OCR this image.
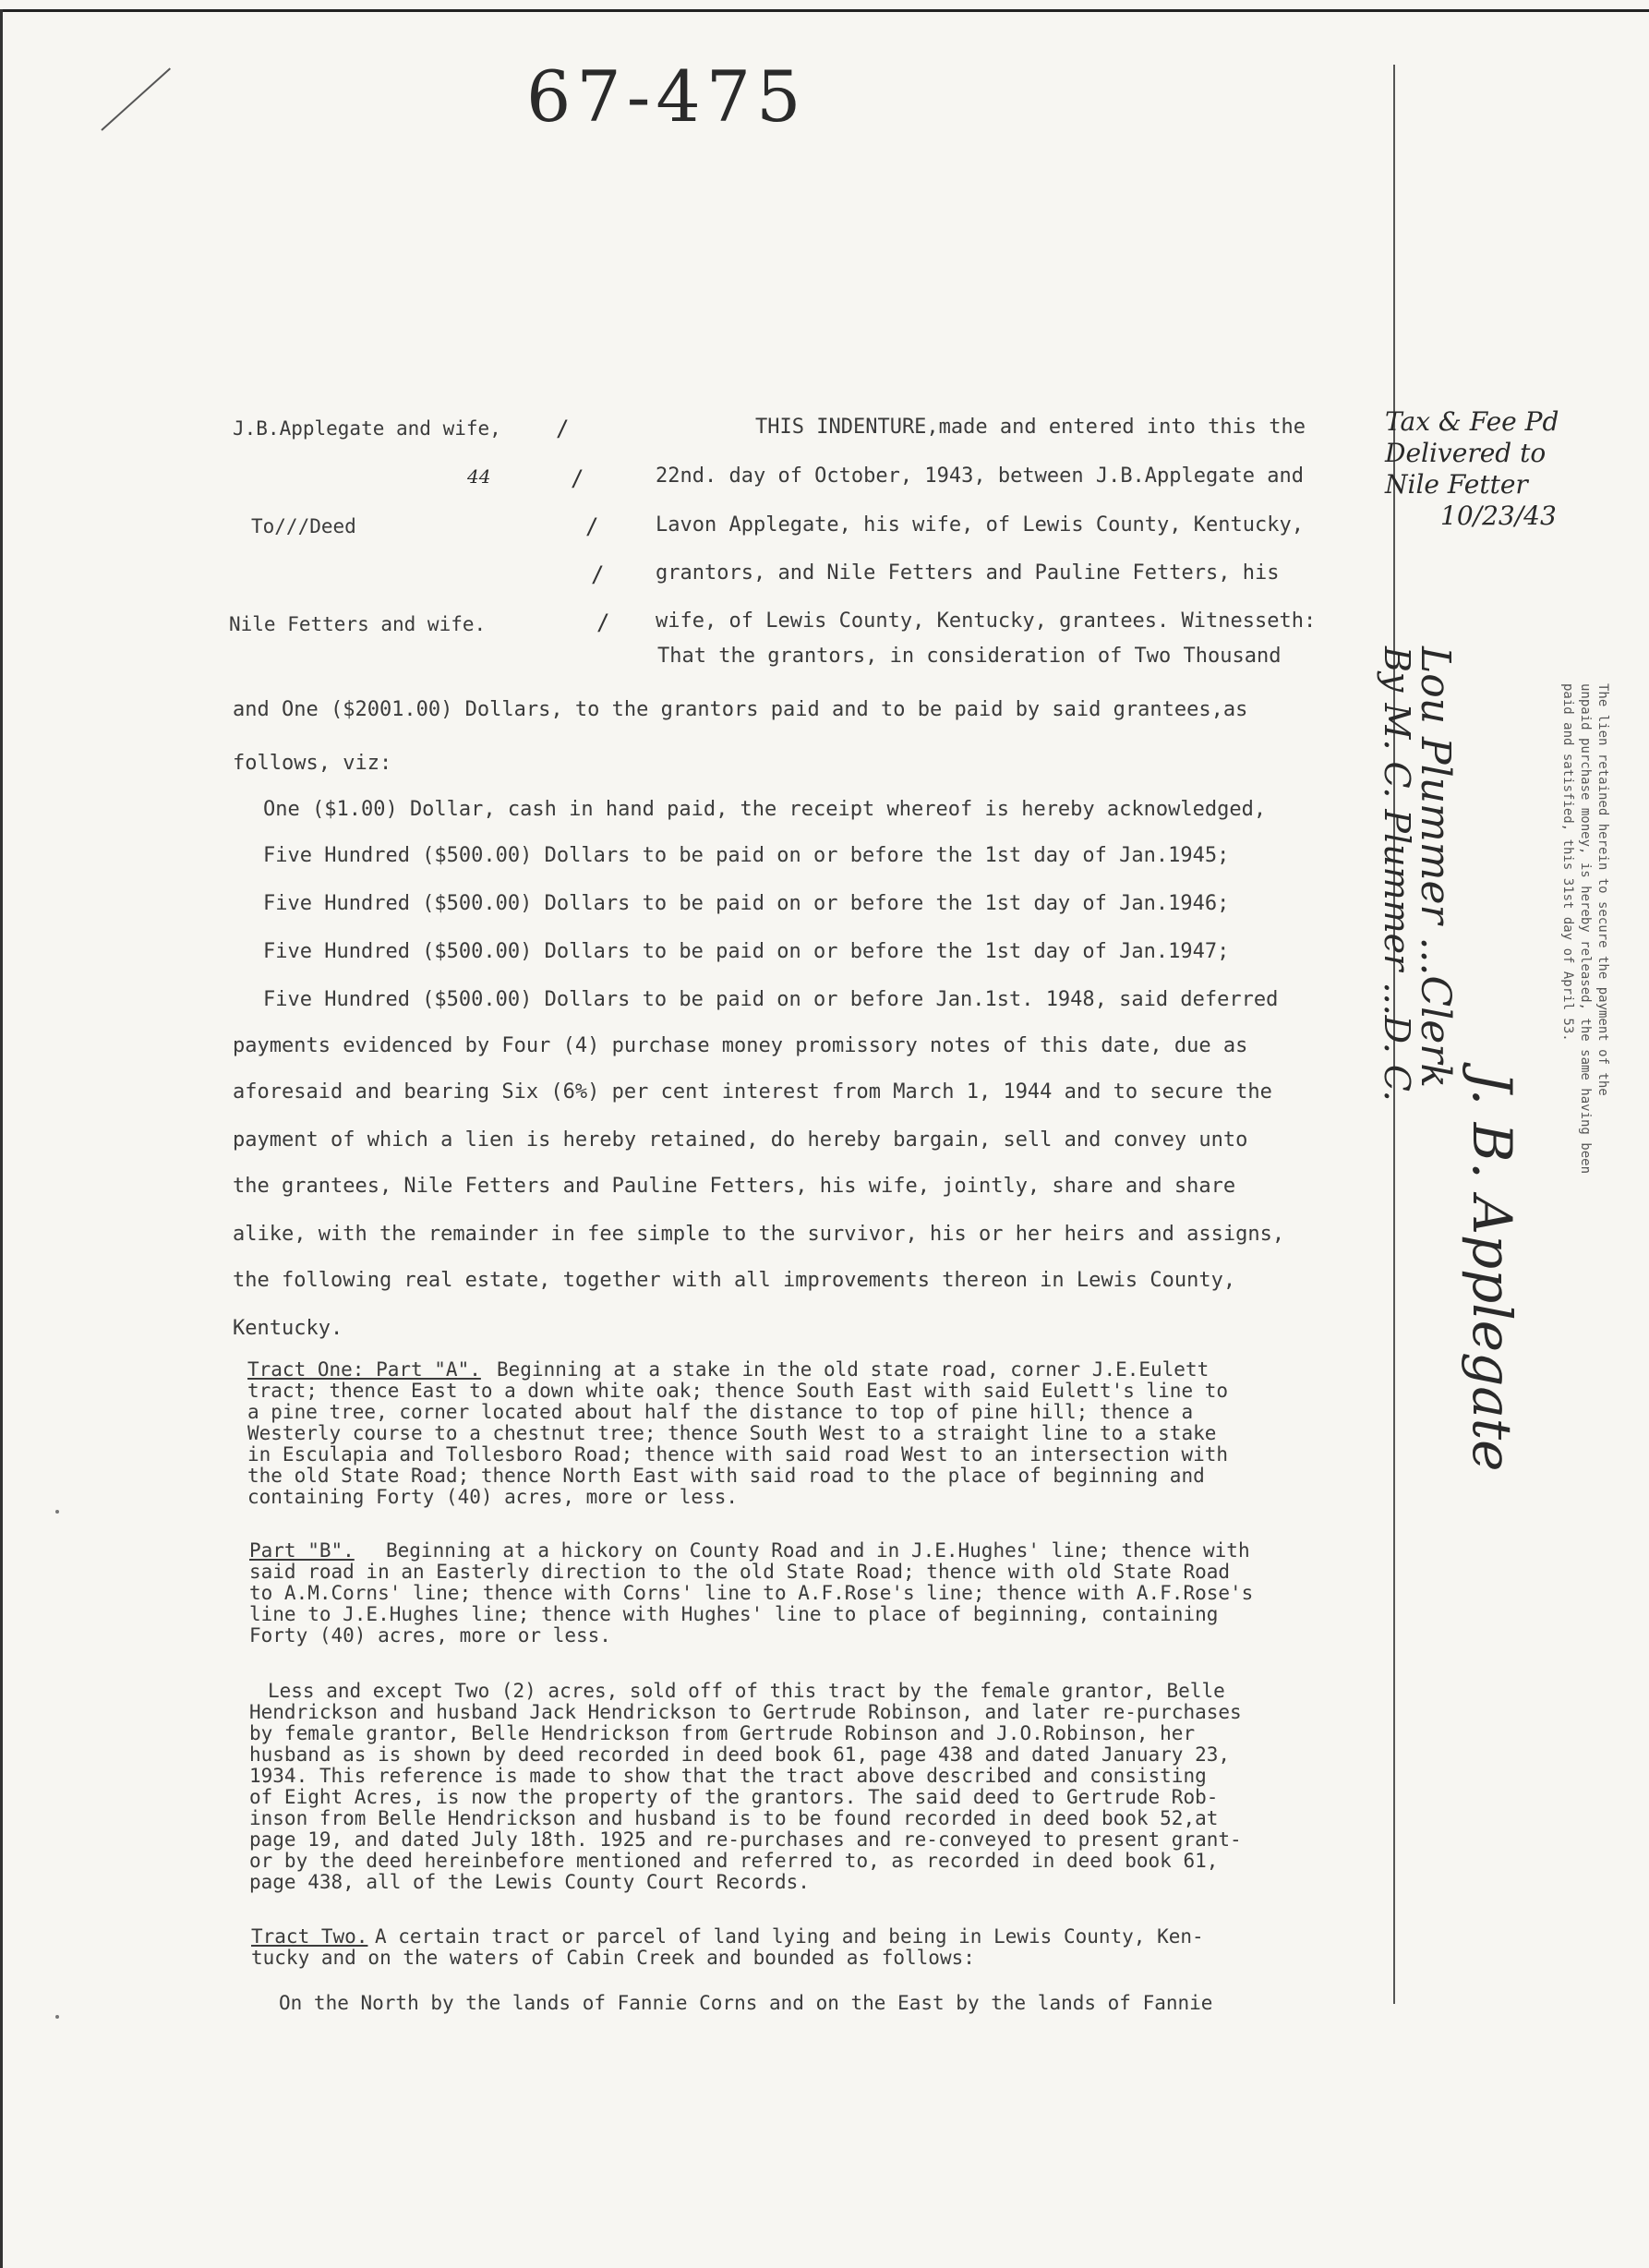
67-475
J.B.Applegate and wife,
44
To///Deed
Nile Fetters and wife.
/
/
/
/
/
THIS INDENTURE,made and entered into this the
22nd. day of October, 1943, between J.B.Applegate and
Lavon Applegate, his wife, of Lewis County, Kentucky,
grantors, and Nile Fetters and Pauline Fetters, his
wife, of Lewis County, Kentucky, grantees. Witnesseth:
That the grantors, in consideration of Two Thousand
and One ($2001.00) Dollars, to the grantors paid and to be paid by said grantees,as
follows, viz:
One ($1.00) Dollar, cash in hand paid, the receipt whereof is hereby acknowledged,
Five Hundred ($500.00) Dollars to be paid on or before the 1st day of Jan.1945;
Five Hundred ($500.00) Dollars to be paid on or before the 1st day of Jan.1946;
Five Hundred ($500.00) Dollars to be paid on or before the 1st day of Jan.1947;
Five Hundred ($500.00) Dollars to be paid on or before Jan.1st. 1948, said deferred
payments evidenced by Four (4) purchase money promissory notes of this date, due as
aforesaid and bearing Six (6%) per cent interest from March 1, 1944 and to secure the
payment of which a lien is hereby retained, do hereby bargain, sell and convey unto
the grantees, Nile Fetters and Pauline Fetters, his wife, jointly, share and share
alike, with the remainder in fee simple to the survivor, his or her heirs and assigns,
the following real estate, together with all improvements thereon in Lewis County,
Kentucky.
Tract One: Part "A". Beginning at a stake in the old state road, corner J.E.Eulett
tract; thence East to a down white oak; thence South East with said Eulett's line to
a pine tree, corner located about half the distance to top of pine hill; thence a
Westerly course to a chestnut tree; thence South West to a straight line to a stake
in Esculapia and Tollesboro Road; thence with said road West to an intersection with
the old State Road; thence North East with said road to the place of beginning and
containing Forty (40) acres, more or less.
Part "B". Beginning at a hickory on County Road and in J.E.Hughes' line; thence with
said road in an Easterly direction to the old State Road; thence with old State Road
to A.M.Corns' line; thence with Corns' line to A.F.Rose's line; thence with A.F.Rose's
line to J.E.Hughes line; thence with Hughes' line to place of beginning, containing
Forty (40) acres, more or less.
Less and except Two (2) acres, sold off of this tract by the female grantor, Belle
Hendrickson and husband Jack Hendrickson to Gertrude Robinson, and later re-purchases
by female grantor, Belle Hendrickson from Gertrude Robinson and J.O.Robinson, her
husband as is shown by deed recorded in deed book 61, page 438 and dated January 23,
1934. This reference is made to show that the tract above described and consisting
of Eight Acres, is now the property of the grantors. The said deed to Gertrude Rob-
inson from Belle Hendrickson and husband is to be found recorded in deed book 52,at
page 19, and dated July 18th. 1925 and re-purchases and re-conveyed to present grant-
or by the deed hereinbefore mentioned and referred to, as recorded in deed book 61,
page 438, all of the Lewis County Court Records.
Tract Two. A certain tract or parcel of land lying and being in Lewis County, Ken-
tucky and on the waters of Cabin Creek and bounded as follows:
On the North by the lands of Fannie Corns and on the East by the lands of Fannie
Tax & Fee Pd
Delivered to
Nile Fetter
10/23/43
The lien retained herein to secure the payment of the
unpaid purchase money, is hereby released, the same having been
paid and satisfied, this 31st day of April 53.
Lou Plummer ...Clerk
By M. C. Plummer ...D. C.
J. B. Applegate
